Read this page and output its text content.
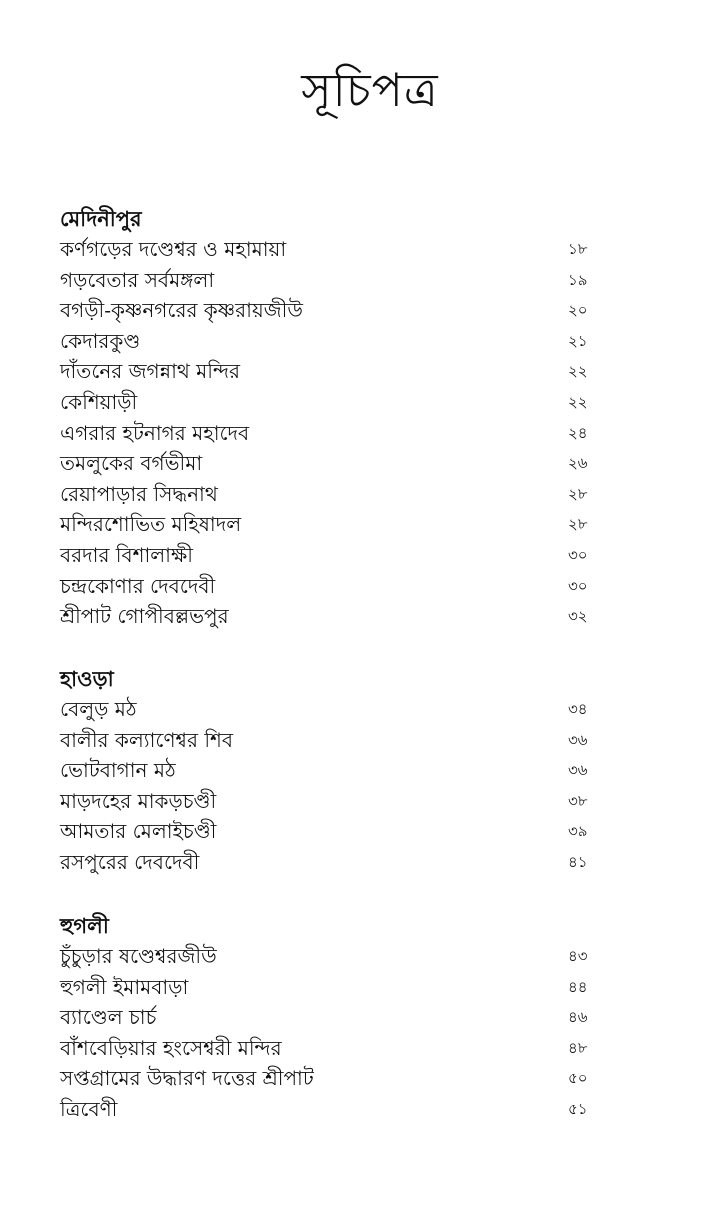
সূচিপত্র
মেদিনীপুর
কর্ণগড়ের দণ্ডেশ্বর ও মহামায়া	১৮
গড়বেতার সর্বমঙ্গলা	১৯
বগড়ী-কৃষ্ণনগরের কৃষ্ণরায়জীউ	২০
কেদারকুণ্ড	২১
দাঁতনের জগন্নাথ মন্দির	২২
কেশিয়াড়ী	২২
এগরার হটনাগর মহাদেব	২৪
তমলুকের বর্গভীমা	২৬
রেয়াপাড়ার সিদ্ধনাথ	২৮
মন্দিরশোভিত মহিষাদল	২৮
বরদার বিশালাক্ষী	৩০
চন্দ্রকোণার দেবদেবী	৩০
শ্রীপাট গোপীবল্লভপুর	৩২
হাওড়া
বেলুড় মঠ	৩৪
বালীর কল্যাণেশ্বর শিব	৩৬
ভোটবাগান মঠ	৩৬
মাড়দহের মাকড়চণ্ডী	৩৮
আমতার মেলাইচণ্ডী	৩৯
রসপুরের দেবদেবী	৪১
হুগলী
চুঁচুড়ার ষণ্ডেশ্বরজীউ	৪৩
হুগলী ইমামবাড়া	৪৪
ব্যাণ্ডেল চার্চ	৪৬
বাঁশবেড়িয়ার হংসেশ্বরী মন্দির	৪৮
সপ্তগ্রামের উদ্ধারণ দত্তের শ্রীপাট	৫০
ত্রিবেণী	৫১
